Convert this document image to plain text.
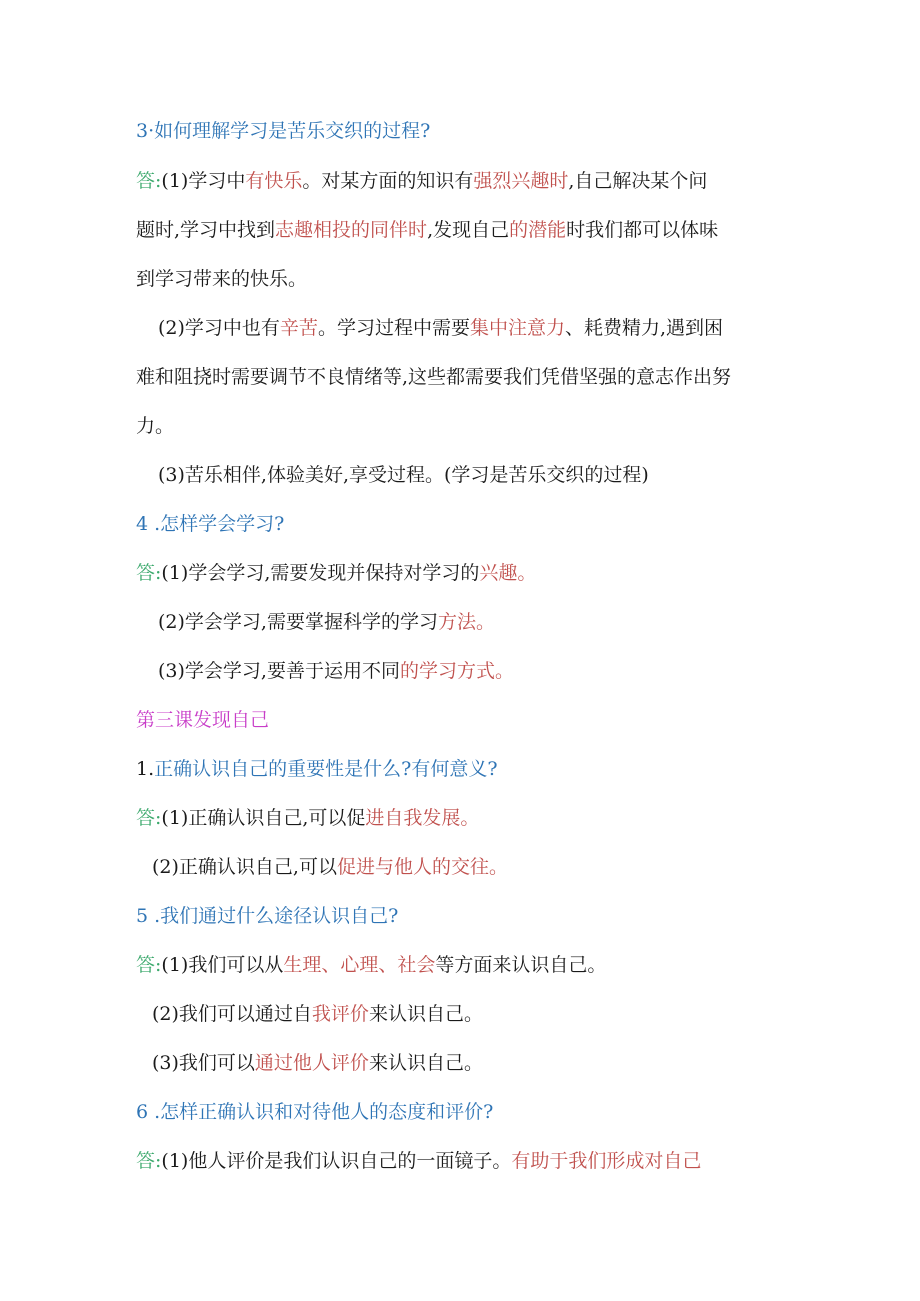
3·如何理解学习是苦乐交织的过程?
答:(1)学习中有快乐。对某方面的知识有强烈兴趣时,自己解决某个问
题时,学习中找到志趣相投的同伴时,发现自己的潜能时我们都可以体味
到学习带来的快乐。
(2)学习中也有辛苦。学习过程中需要集中注意力、耗费精力,遇到困
难和阻挠时需要调节不良情绪等,这些都需要我们凭借坚强的意志作出努
力。
(3)苦乐相伴,体验美好,享受过程。(学习是苦乐交织的过程)
4 .怎样学会学习?
答:(1)学会学习,需要发现并保持对学习的兴趣。
(2)学会学习,需要掌握科学的学习方法。
(3)学会学习,要善于运用不同的学习方式。
第三课发现自己
1.正确认识自己的重要性是什么?有何意义?
答:(1)正确认识自己,可以促进自我发展。
(2)正确认识自己,可以促进与他人的交往。
5 .我们通过什么途径认识自己?
答:(1)我们可以从生理、心理、社会等方面来认识自己。
(2)我们可以通过自我评价来认识自己。
(3)我们可以通过他人评价来认识自己。
6 .怎样正确认识和对待他人的态度和评价?
答:(1)他人评价是我们认识自己的一面镜子。有助于我们形成对自己
